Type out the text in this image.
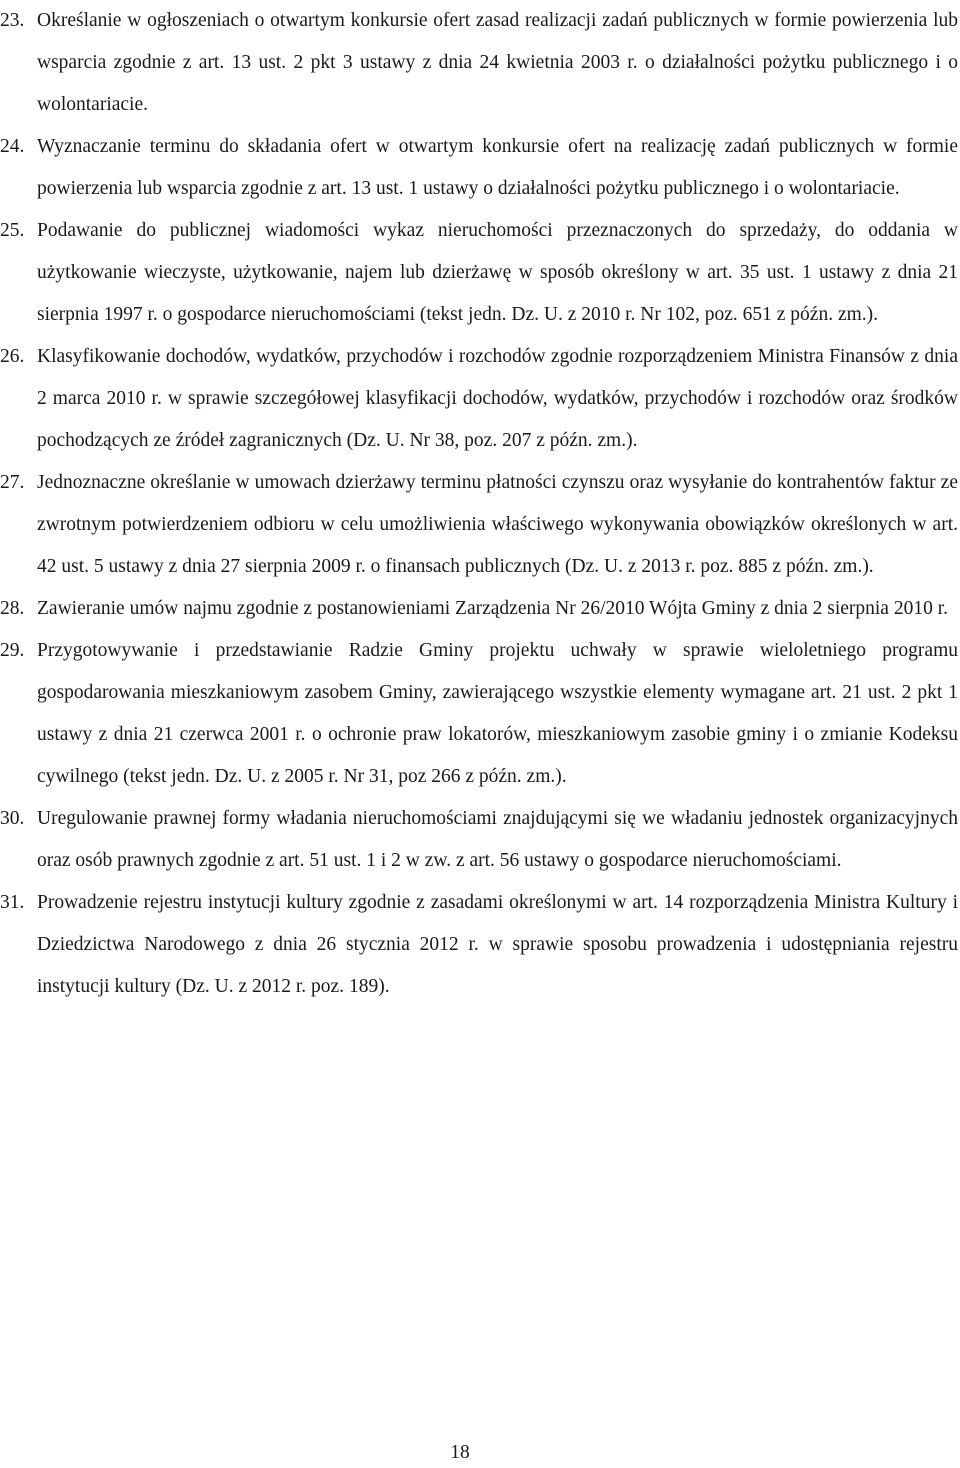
23. Określanie w ogłoszeniach o otwartym konkursie ofert zasad realizacji zadań publicznych w formie powierzenia lub wsparcia zgodnie z art. 13 ust. 2 pkt 3 ustawy z dnia 24 kwietnia 2003 r. o działalności pożytku publicznego i o wolontariacie.
24. Wyznaczanie terminu do składania ofert w otwartym konkursie ofert na realizację zadań publicznych w formie powierzenia lub wsparcia zgodnie z art. 13 ust. 1 ustawy o działalności pożytku publicznego i o wolontariacie.
25. Podawanie do publicznej wiadomości wykaz nieruchomości przeznaczonych do sprzedaży, do oddania w użytkowanie wieczyste, użytkowanie, najem lub dzierżawę w sposób określony w art. 35 ust. 1 ustawy z dnia 21 sierpnia 1997 r. o gospodarce nieruchomościami (tekst jedn. Dz. U. z 2010 r. Nr 102, poz. 651 z późn. zm.).
26. Klasyfikowanie dochodów, wydatków, przychodów i rozchodów zgodnie rozporządzeniem Ministra Finansów z dnia 2 marca 2010 r. w sprawie szczegółowej klasyfikacji dochodów, wydatków, przychodów i rozchodów oraz środków pochodzących ze źródeł zagranicznych (Dz. U. Nr 38, poz. 207 z późn. zm.).
27. Jednoznaczne określanie w umowach dzierżawy terminu płatności czynszu oraz wysyłanie do kontrahentów faktur ze zwrotnym potwierdzeniem odbioru w celu umożliwienia właściwego wykonywania obowiązków określonych w art. 42 ust. 5 ustawy z dnia 27 sierpnia 2009 r. o finansach publicznych (Dz. U. z 2013 r. poz. 885 z późn. zm.).
28. Zawieranie umów najmu zgodnie z postanowieniami Zarządzenia Nr 26/2010 Wójta Gminy z dnia 2 sierpnia 2010 r.
29. Przygotowywanie i przedstawianie Radzie Gminy projektu uchwały w sprawie wieloletniego programu gospodarowania mieszkaniowym zasobem Gminy, zawierającego wszystkie elementy wymagane art. 21 ust. 2 pkt 1 ustawy z dnia 21 czerwca 2001 r. o ochronie praw lokatorów, mieszkaniowym zasobie gminy i o zmianie Kodeksu cywilnego (tekst jedn. Dz. U. z 2005 r. Nr 31, poz 266 z późn. zm.).
30. Uregulowanie prawnej formy władania nieruchomościami znajdującymi się we władaniu jednostek organizacyjnych oraz osób prawnych zgodnie z art. 51 ust. 1 i 2 w zw. z art. 56 ustawy o gospodarce nieruchomościami.
31. Prowadzenie rejestru instytucji kultury zgodnie z zasadami określonymi w art. 14 rozporządzenia Ministra Kultury i Dziedzictwa Narodowego z dnia 26 stycznia 2012 r. w sprawie sposobu prowadzenia i udostępniania rejestru instytucji kultury (Dz. U. z 2012 r. poz. 189).
18
